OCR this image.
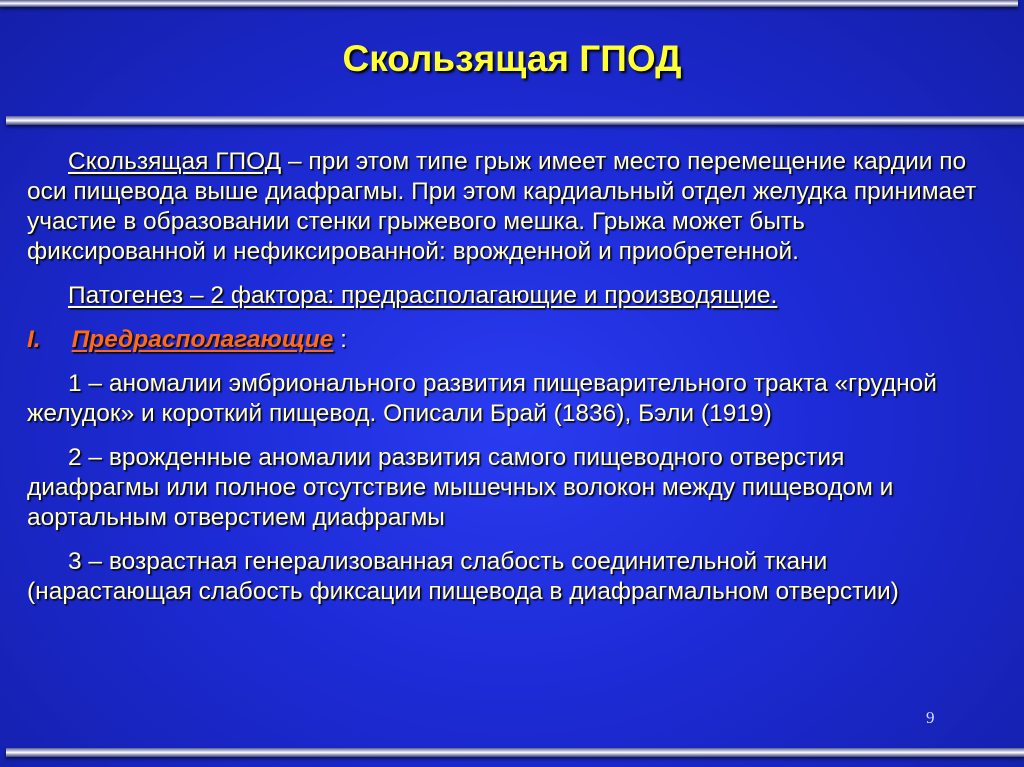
Скользящая ГПОД

Скользящая ГПОД – при этом типе грыж имеет место перемещение кардии по оси пищевода выше диафрагмы. При этом кардиальный отдел желудка принимает участие в образовании стенки грыжевого мешка. Грыжа может быть фиксированной и нефиксированной: врожденной и приобретенной.

Патогенез – 2 фактора: предрасполагающие и производящие.

I. Предрасполагающие :

1 – аномалии эмбрионального развития пищеварительного тракта «грудной желудок» и короткий пищевод. Описали Брай (1836), Бэли (1919)

2 – врожденные аномалии развития самого пищеводного отверстия диафрагмы или полное отсутствие мышечных волокон между пищеводом и аортальным отверстием диафрагмы

3 – возрастная генерализованная слабость соединительной ткани (нарастающая слабость фиксации пищевода в диафрагмальном отверстии)

9
